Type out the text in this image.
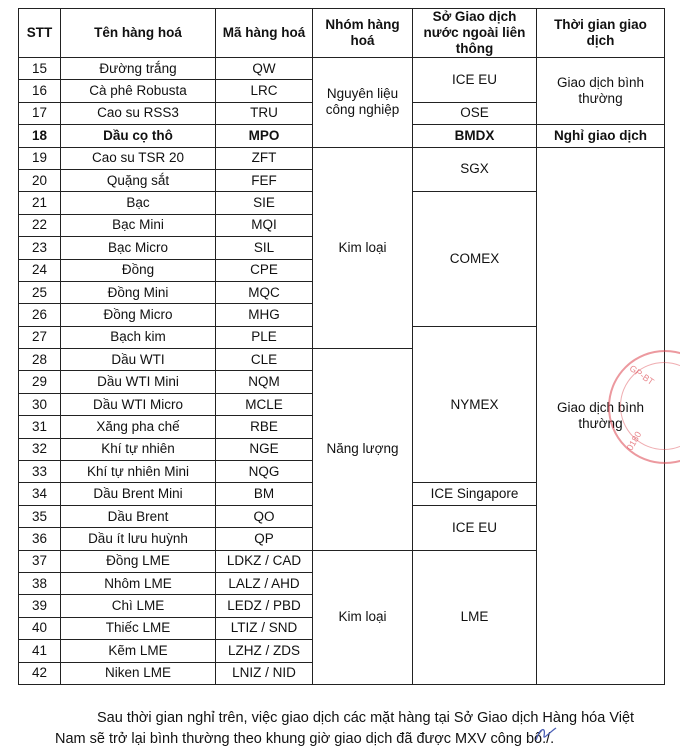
STT	Tên hàng hoá	Mã hàng hoá	Nhóm hàng hoá	Sở Giao dịch nước ngoài liên thông	Thời gian giao dịch
15	Đường trắng	QW	Nguyên liệu công nghiệp	ICE EU	Giao dịch bình thường
16	Cà phê Robusta	LRC			
17	Cao su RSS3	TRU		OSE	
18	Dầu cọ thô	MPO		BMDX	Nghỉ giao dịch
19	Cao su TSR 20	ZFT	Kim loại	SGX	Giao dịch bình thường
20	Quặng sắt	FEF			
21	Bạc	SIE		COMEX	
22	Bạc Mini	MQI			
23	Bạc Micro	SIL			
24	Đồng	CPE			
25	Đồng Mini	MQC			
26	Đồng Micro	MHG			
27	Bạch kim	PLE		NYMEX	
28	Dầu WTI	CLE	Năng lượng		
29	Dầu WTI Mini	NQM			
30	Dầu WTI Micro	MCLE			
31	Xăng pha chế	RBE			
32	Khí tự nhiên	NGE			
33	Khí tự nhiên Mini	NQG			
34	Dầu Brent Mini	BM		ICE Singapore	
35	Dầu Brent	QO		ICE EU	
36	Dầu ít lưu huỳnh	QP			
37	Đồng LME	LDKZ / CAD	Kim loại	LME	
38	Nhôm LME	LALZ / AHD			
39	Chì LME	LEDZ / PBD			
40	Thiếc LME	LTIZ / SND			
41	Kẽm LME	LZHZ / ZDS			
42	Niken LME	LNIZ / NID			
GP-BT
0180
Sau thời gian nghỉ trên, việc giao dịch các mặt hàng tại Sở Giao dịch Hàng hóa Việt Nam sẽ trở lại bình thường theo khung giờ giao dịch đã được MXV công bố./.
